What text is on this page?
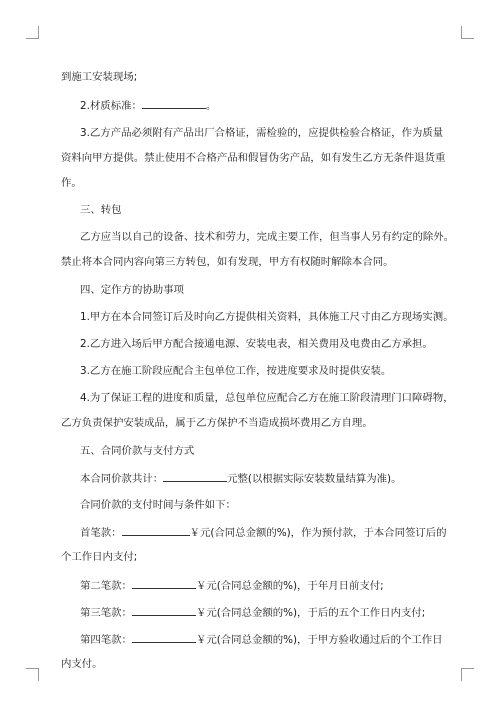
到施工安装现场;
2.材质标准：	。
3.乙方产品必须附有产品出厂合格证，需检验的，应提供检验合格证，作为质量
资料向甲方提供。禁止使用不合格产品和假冒伪劣产品，如有发生乙方无条件退货重
作。
三、转包
乙方应当以自己的设备、技术和劳力，完成主要工作，但当事人另有约定的除外。
禁止将本合同内容向第三方转包，如有发现，甲方有权随时解除本合同。
四、定作方的协助事项
1.甲方在本合同签订后及时向乙方提供相关资料，具体施工尺寸由乙方现场实测。
2.乙方进入场后甲方配合接通电源、安装电表，相关费用及电费由乙方承担。
3.乙方在施工阶段应配合主包单位工作，按进度要求及时提供安装。
4.为了保证工程的进度和质量，总包单位应配合乙方在施工阶段清理门口障碍物，
乙方负责保护安装成品，属于乙方保护不当造成损坏费用乙方自理。
五、合同价款与支付方式
本合同价款共计：	元整(以根据实际安装数量结算为准)。
合同价款的支付时间与条件如下：
首笔款：	￥元(合同总金额的%)，作为预付款，于本合同签订后的
个工作日内支付;
第二笔款：	￥元(合同总金额的%)，于年月日前支付;
第三笔款：	￥元(合同总金额的%)，于后的五个工作日内支付;
第四笔款：	￥元(合同总金额的%)，于甲方验收通过后的个工作日
内支付。
